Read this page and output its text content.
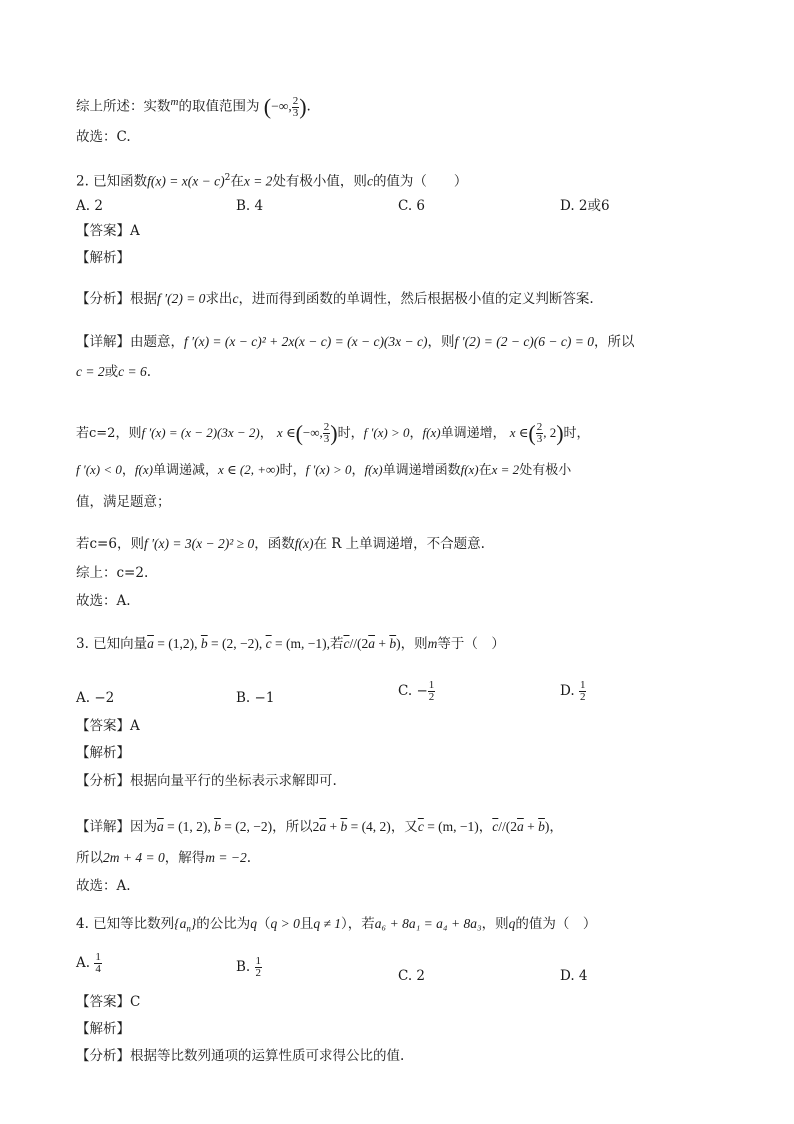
综上所述：实数$^m$的取值范围为 (−∞, $\frac{2}{3}$ ).
故选：C.
2. 已知函数$f(x) = x(x - c)^2$在x = 2处有极小值，则c的值为（　　）
A. 2	B. 4	C. 6	D. 2或6
【答案】A
【解析】
【分析】根据f ′(2) = 0求出c，进而得到函数的单调性，然后根据极小值的定义判断答案.
【详解】由题意，f ′(x) = (x − c)² + 2x(x − c) = (x − c)(3x − c)，则f ′(2) = (2 − c)(6 − c) = 0，所以
c = 2或c = 6.
若c=2，则f ′(x) = (x − 2)(3x − 2)， x ∈(−∞, $\frac{2}{3}$ )时，f ′(x) > 0，f(x)单调递增， x ∈( $\frac{2}{3}$ , 2)时，
f ′(x) < 0，f(x)单调递减，x ∈ (2, +∞)时，f ′(x) > 0，f(x)单调递增函数f(x)在x = 2处有极小
值，满足题意；
若c=6，则f ′(x) = 3(x − 2)² ≥ 0，函数f(x)在 R 上单调递增，不合题意.
综上：c=2.
故选：A.
3. 已知向量$\overline{a} = (1,2)$, $\overline{b} = (2$, −2), $\overline{c} = (m$, −1),若$\overline{c}//(2\overline{a} + \overline{b})$，则m等于（　）
A. −2	B. −1	C. − $\frac{1}{2}$	D. $\frac{1}{2}$
【答案】A
【解析】
【分析】根据向量平行的坐标表示求解即可.
【详解】因为$\overline{a} = (1$, 2), $\overline{b} = (2$, −2)，所以$2\overline{a} + \overline{b} = (4$, 2)，又$\overline{c} = (m$, −1)，$\overline{c}//(2\overline{a} + \overline{b})$，
所以2m + 4 = 0，解得m = −2.
故选：A.
4. 已知等比数列$\{a_n\}$的公比为q（q > 0且q ≠ 1），若a₆ + 8a₁ = a₄ + 8a₃，则q的值为（　）
A. $\frac{1}{4}$	B. $\frac{1}{2}$	C. 2	D. 4
【答案】C
【解析】
【分析】根据等比数列通项的运算性质可求得公比的值.
